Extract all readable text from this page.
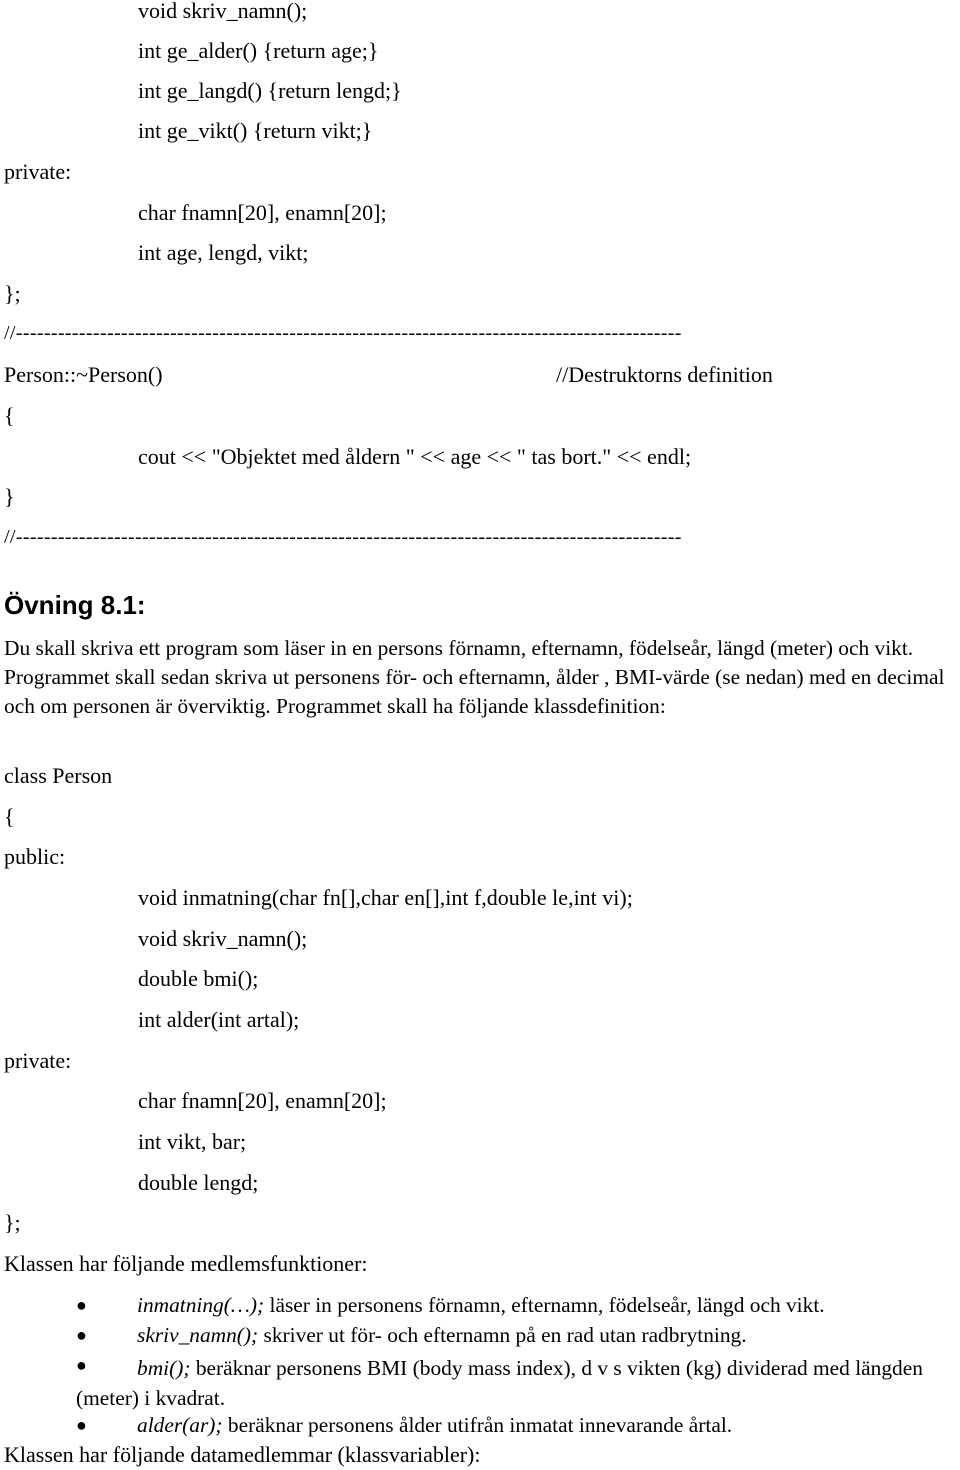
void skriv_namn();
int ge_alder() {return age;}
int ge_langd() {return lengd;}
int ge_vikt() {return vikt;}
private:
char fnamn[20], enamn[20];
int age, lengd, vikt;
};
//-----------------------------------------------------------------------------------------------
Person::~Person()	//Destruktorns definition
{
cout << "Objektet med åldern " << age << " tas bort." << endl;
}
//-----------------------------------------------------------------------------------------------
Övning 8.1:
Du skall skriva ett program som läser in en persons förnamn, efternamn, födelseår, längd (meter) och vikt. Programmet skall sedan skriva ut personens för- och efternamn, ålder , BMI-värde (se nedan) med en decimal och om personen är överviktig. Programmet skall ha följande klassdefinition:
class Person
{
public:
void inmatning(char fn[],char en[],int f,double le,int vi);
void skriv_namn();
double bmi();
int alder(int artal);
private:
char fnamn[20], enamn[20];
int vikt, bar;
double lengd;
};
Klassen har följande medlemsfunktioner:
● inmatning(…); läser in personens förnamn, efternamn, födelseår, längd och vikt.
● skriv_namn(); skriver ut för- och efternamn på en rad utan radbrytning.
●	bmi(); beräknar personens BMI (body mass index), d v s vikten (kg) dividerad med längden (meter) i kvadrat.
● alder(ar); beräknar personens ålder utifrån inmatat innevarande årtal.
Klassen har följande datamedlemmar (klassvariabler):
